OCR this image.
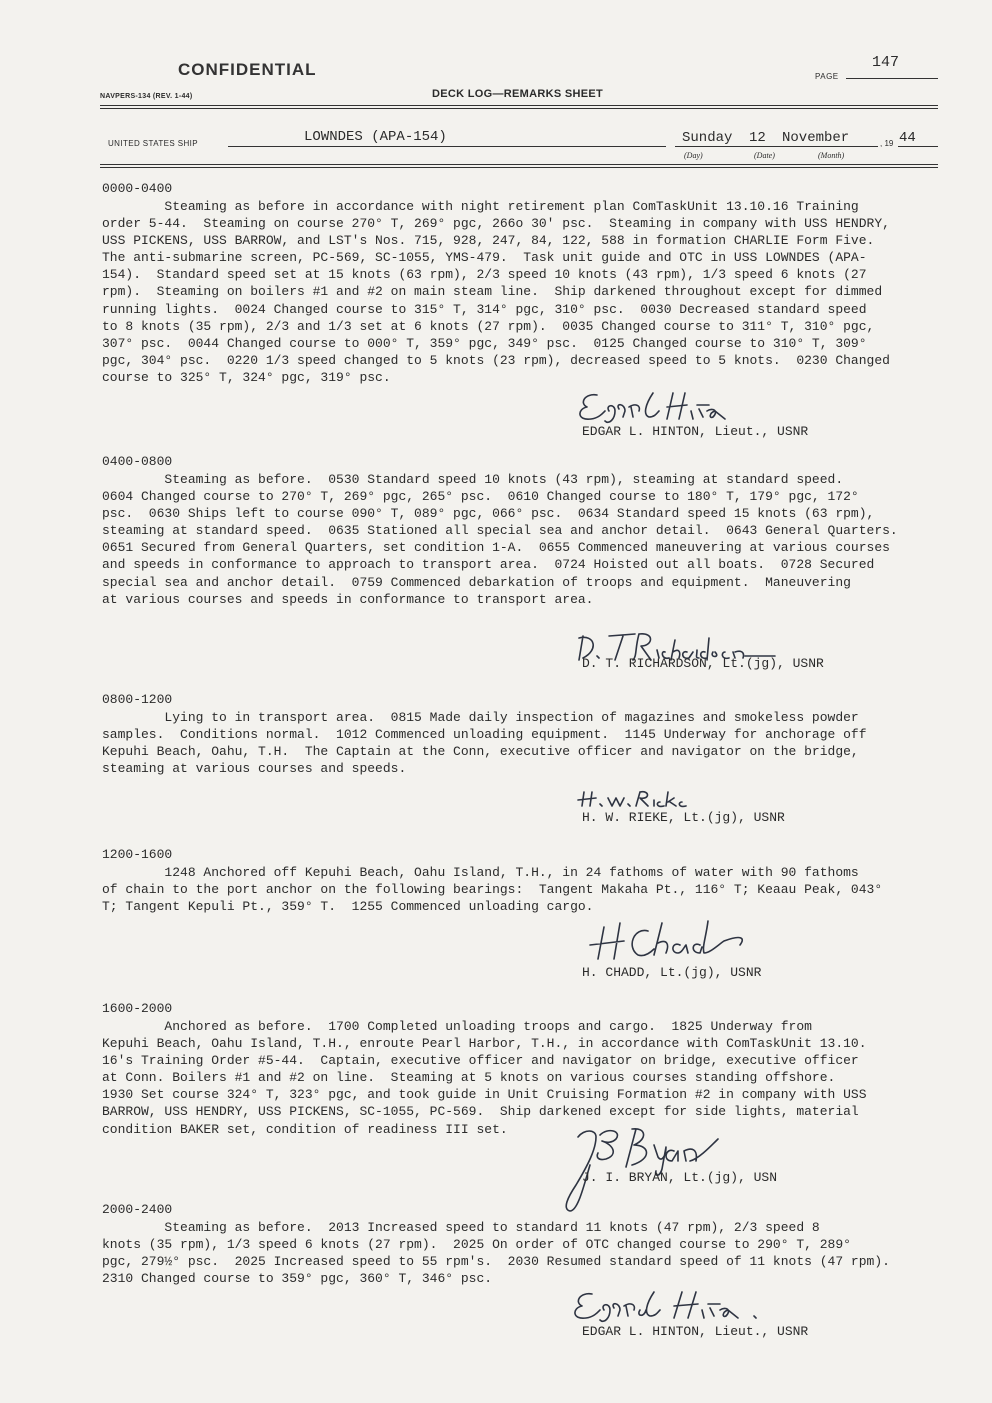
CONFIDENTIAL
NAVPERS-134 (REV. 1-44)	DECK LOG—REMARKS SHEET
PAGE
147
UNITED STATES SHIP	LOWNDES (APA-154)	Sunday 12 November	, 19 44
(Day)	(Date)	(Month)
0000-0400
Steaming as before in accordance with night retirement plan ComTaskUnit 13.10.16 Training
order 5-44.  Steaming on course 270° T, 269° pgc, 266o 30' psc.  Steaming in company with USS HENDRY,
USS PICKENS, USS BARROW, and LST's Nos. 715, 928, 247, 84, 122, 588 in formation CHARLIE Form Five.
The anti-submarine screen, PC-569, SC-1055, YMS-479.  Task unit guide and OTC in USS LOWNDES (APA-
154).  Standard speed set at 15 knots (63 rpm), 2/3 speed 10 knots (43 rpm), 1/3 speed 6 knots (27
rpm).  Steaming on boilers #1 and #2 on main steam line.  Ship darkened throughout except for dimmed
running lights.  0024 Changed course to 315° T, 314° pgc, 310° psc.  0030 Decreased standard speed
to 8 knots (35 rpm), 2/3 and 1/3 set at 6 knots (27 rpm).  0035 Changed course to 311° T, 310° pgc,
307° psc.  0044 Changed course to 000° T, 359° pgc, 349° psc.  0125 Changed course to 310° T, 309°
pgc, 304° psc.  0220 1/3 speed changed to 5 knots (23 rpm), decreased speed to 5 knots.  0230 Changed
course to 325° T, 324° pgc, 319° psc.
EDGAR L. HINTON, Lieut., USNR
0400-0800
Steaming as before.  0530 Standard speed 10 knots (43 rpm), steaming at standard speed.
0604 Changed course to 270° T, 269° pgc, 265° psc.  0610 Changed course to 180° T, 179° pgc, 172°
psc.  0630 Ships left to course 090° T, 089° pgc, 066° psc.  0634 Standard speed 15 knots (63 rpm),
steaming at standard speed.  0635 Stationed all special sea and anchor detail.  0643 General Quarters.
0651 Secured from General Quarters, set condition 1-A.  0655 Commenced maneuvering at various courses
and speeds in conformance to approach to transport area.  0724 Hoisted out all boats.  0728 Secured
special sea and anchor detail.  0759 Commenced debarkation of troops and equipment.  Maneuvering
at various courses and speeds in conformance to transport area.
D. T. RICHARDSON, Lt.(jg), USNR
0800-1200
Lying to in transport area.  0815 Made daily inspection of magazines and smokeless powder
samples.  Conditions normal.  1012 Commenced unloading equipment.  1145 Underway for anchorage off
Kepuhi Beach, Oahu, T.H.  The Captain at the Conn, executive officer and navigator on the bridge,
steaming at various courses and speeds.
H. W. RIEKE, Lt.(jg), USNR
1200-1600
1248 Anchored off Kepuhi Beach, Oahu Island, T.H., in 24 fathoms of water with 90 fathoms
of chain to the port anchor on the following bearings:  Tangent Makaha Pt., 116° T; Keaau Peak, 043°
T; Tangent Kepuli Pt., 359° T.  1255 Commenced unloading cargo.
H. CHADD, Lt.(jg), USNR
1600-2000
Anchored as before.  1700 Completed unloading troops and cargo.  1825 Underway from
Kepuhi Beach, Oahu Island, T.H., enroute Pearl Harbor, T.H., in accordance with ComTaskUnit 13.10.
16's Training Order #5-44.  Captain, executive officer and navigator on bridge, executive officer
at Conn. Boilers #1 and #2 on line.  Steaming at 5 knots on various courses standing offshore.
1930 Set course 324° T, 323° pgc, and took guide in Unit Cruising Formation #2 in company with USS
BARROW, USS HENDRY, USS PICKENS, SC-1055, PC-569.  Ship darkened except for side lights, material
condition BAKER set, condition of readiness III set.
J. I. BRYAN, Lt.(jg), USN
2000-2400
Steaming as before.  2013 Increased speed to standard 11 knots (47 rpm), 2/3 speed 8
knots (35 rpm), 1/3 speed 6 knots (27 rpm).  2025 On order of OTC changed course to 290° T, 289°
pgc, 279½° psc.  2025 Increased speed to 55 rpm's.  2030 Resumed standard speed of 11 knots (47 rpm).
2310 Changed course to 359° pgc, 360° T, 346° psc.
EDGAR L. HINTON, Lieut., USNR
